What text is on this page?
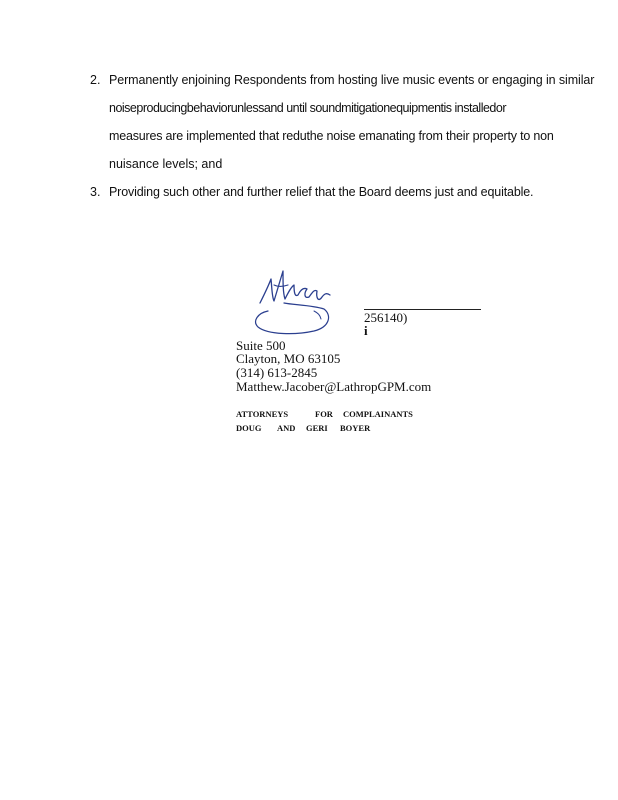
2. Permanently enjoining Respondents from hosting live music events or engaging in similar
noiseproducingbehaviorunlessand until soundmitigationequipmentis installedor
measures are implemented that reduthe noise emanating from their property to non
nuisance levels; and
3. Providing such other and further relief that the Board deems just and equitable.
256140)
i
Suite 500
Clayton, MO 63105
(314) 613-2845
Matthew.Jacober@LathropGPM.com
ATTORNEYS	FOR COMPLAINANTS
DOUG AND GERI BOYER
